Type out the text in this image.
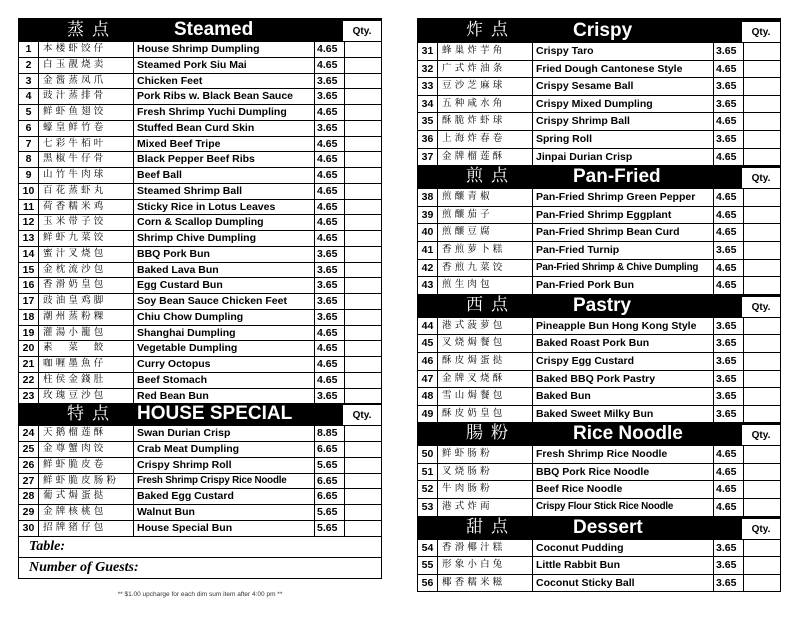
蒸点	Steamed	Qty.
1	本楼虾饺仔	House Shrimp Dumpling	4.65
2	白玉靓烧卖	Steamed Pork Siu Mai	4.65
3	金酱蒸凤爪	Chicken Feet	3.65
4	豉汁蒸排骨	Pork Ribs w. Black Bean Sauce	3.65
5	鲜虾鱼翅饺	Fresh Shrimp Yuchi Dumpling	4.65
6	蠔皇鲜竹卷	Stuffed Bean Curd Skin	3.65
7	七彩牛栢叶	Mixed Beef Tripe	4.65
8	黑椒牛仔骨	Black Pepper Beef Ribs	4.65
9	山竹牛肉球	Beef Ball	4.65
10 百花蒸虾丸	Steamed Shrimp Ball	4.65
11 荷香糯米鸡	Sticky Rice in Lotus Leaves	4.65
12 玉米带子饺	Corn & Scallop Dumpling	4.65
13 鲜虾九菜饺	Shrimp Chive Dumpling	4.65
14 蜜汁叉烧包	BBQ Pork Bun	3.65
15 金枕流沙包	Baked Lava Bun	3.65
16 香滑奶皇包	Egg Custard Bun	3.65
17 豉油皇鸡脚	Soy Bean Sauce Chicken Feet	3.65
18 潮州蒸粉粿	Chiu Chow Dumpling	3.65
19 灌湯小籠包	Shanghai Dumpling	4.65
20 素　菜　餃	Vegetable Dumpling	4.65
21 咖喱墨魚仔	Curry Octopus	4.65
22 柱侯金錢肚	Beef Stomach	4.65
23 玫瑰豆沙包	Red Bean Bun	3.65
特点 HOUSE SPECIAL	Qty.
24 天鹅榴莲酥	Swan Durian Crisp	8.85
25 金尊蟹肉饺	Crab Meat Dumpling	6.65
26 鲜虾脆皮卷	Crispy Shrimp Roll	5.65
27 鲜虾脆皮肠粉	Fresh Shrimp Crispy Rice Noodle	6.65
28 葡式焗蛋挞	Baked Egg Custard	6.65
29 金牌核桃包	Walnut Bun	5.65
30 招牌猪仔包	House Special Bun	5.65
Table:
Number of Guests:
炸点	Crispy	Qty.
31 蜂巢炸芋角	Crispy Taro	3.65
32 广式炸油条	Fried Dough Cantonese Style	4.65
33 豆沙芝麻球	Crispy Sesame Ball	3.65
34 五种咸水角	Crispy Mixed Dumpling	3.65
35 酥脆炸虾球	Crispy Shrimp Ball	4.65
36 上海炸春卷	Spring Roll	3.65
37 金牌榴莲酥	Jinpai Durian Crisp	4.65
煎点	Pan-Fried	Qty.
38 煎釀青椒	Pan-Fried Shrimp Green Pepper	4.65
39 煎釀茄子	Pan-Fried Shrimp Eggplant	4.65
40 煎釀豆腐	Pan-Fried Shrimp Bean Curd	4.65
41 香煎萝卜糕	Pan-Fried Turnip	3.65
42 香煎九菜饺	Pan-Fried Shrimp & Chive Dumpling	4.65
43 煎生肉包	Pan-Fried Pork Bun	4.65
西点	Pastry	Qty.
44 港式菠萝包	Pineapple Bun Hong Kong Style	3.65
45 叉烧焗餐包	Baked Roast Pork Bun	3.65
46 酥皮焗蛋挞	Crispy Egg Custard	3.65
47 金牌叉烧酥	Baked BBQ Pork Pastry	3.65
48 雪山焗餐包	Baked Bun	3.65
49 酥皮奶皇包	Baked Sweet Milky Bun	3.65
腸粉	Rice Noodle	Qty.
50 鲜虾肠粉	Fresh Shrimp Rice Noodle	4.65
51 叉烧肠粉	BBQ Pork Rice Noodle	4.65
52 牛肉肠粉	Beef Rice Noodle	4.65
53 港式炸両	Crispy Flour Stick Rice Noodle	4.65
甜点	Dessert	Qty.
54 香滑椰汁糕	Coconut Pudding	3.65
55 形象小白兔	Little Rabbit Bun	3.65
56 椰香糯米糍	Coconut Sticky Ball	3.65
** $1.00 upcharge for each dim sum item after 4:00 pm **
